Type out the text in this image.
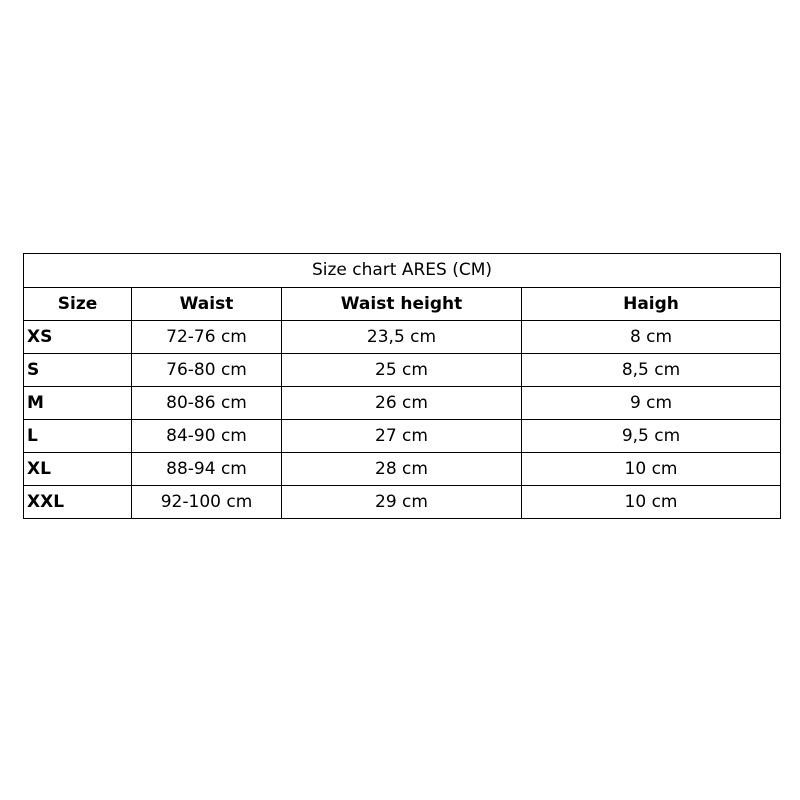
Size chart ARES (CM)			
Size	Waist	Waist height	Haigh
XS	72-76 cm	23,5 cm	8 cm
S	76-80 cm	25 cm	8,5 cm
M	80-86 cm	26 cm	9 cm
L	84-90 cm	27 cm	9,5 cm
XL	88-94 cm	28 cm	10 cm
XXL	92-100 cm	29 cm	10 cm
